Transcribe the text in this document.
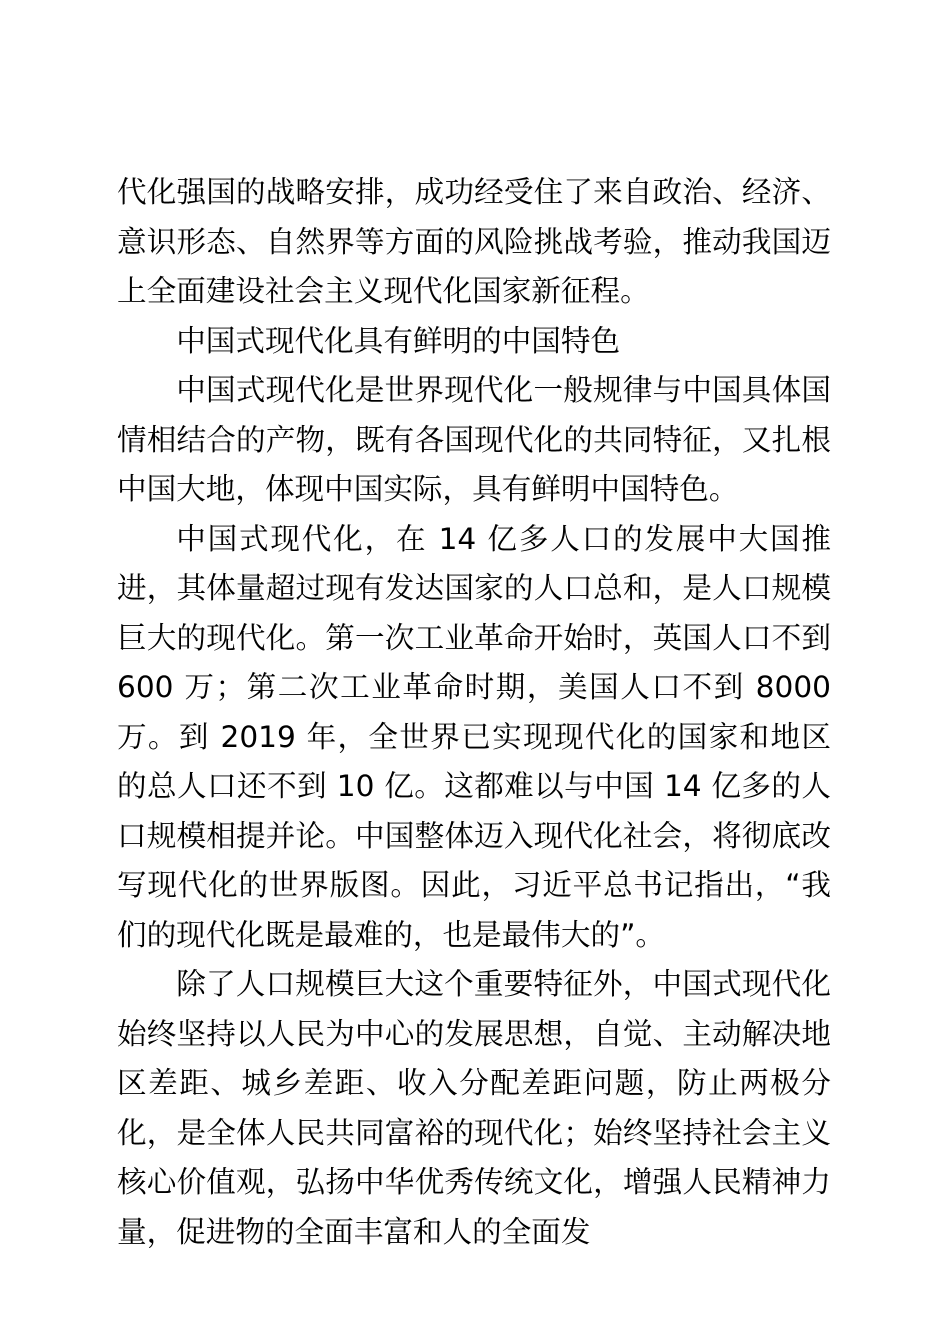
代化强国的战略安排，成功经受住了来自政治、经济、意识形态、自然界等方面的风险挑战考验，推动我国迈上全面建设社会主义现代化国家新征程。

中国式现代化具有鲜明的中国特色

中国式现代化是世界现代化一般规律与中国具体国情相结合的产物，既有各国现代化的共同特征，又扎根中国大地，体现中国实际，具有鲜明中国特色。

中国式现代化，在 14 亿多人口的发展中大国推进，其体量超过现有发达国家的人口总和，是人口规模巨大的现代化。第一次工业革命开始时，英国人口不到 600 万；第二次工业革命时期，美国人口不到 8000 万。到 2019 年，全世界已实现现代化的国家和地区的总人口还不到 10 亿。这都难以与中国 14 亿多的人口规模相提并论。中国整体迈入现代化社会，将彻底改写现代化的世界版图。因此，习近平总书记指出，“我们的现代化既是最难的，也是最伟大的”。

除了人口规模巨大这个重要特征外，中国式现代化始终坚持以人民为中心的发展思想，自觉、主动解决地区差距、城乡差距、收入分配差距问题，防止两极分化，是全体人民共同富裕的现代化；始终坚持社会主义核心价值观，弘扬中华优秀传统文化，增强人民精神力量，促进物的全面丰富和人的全面发
